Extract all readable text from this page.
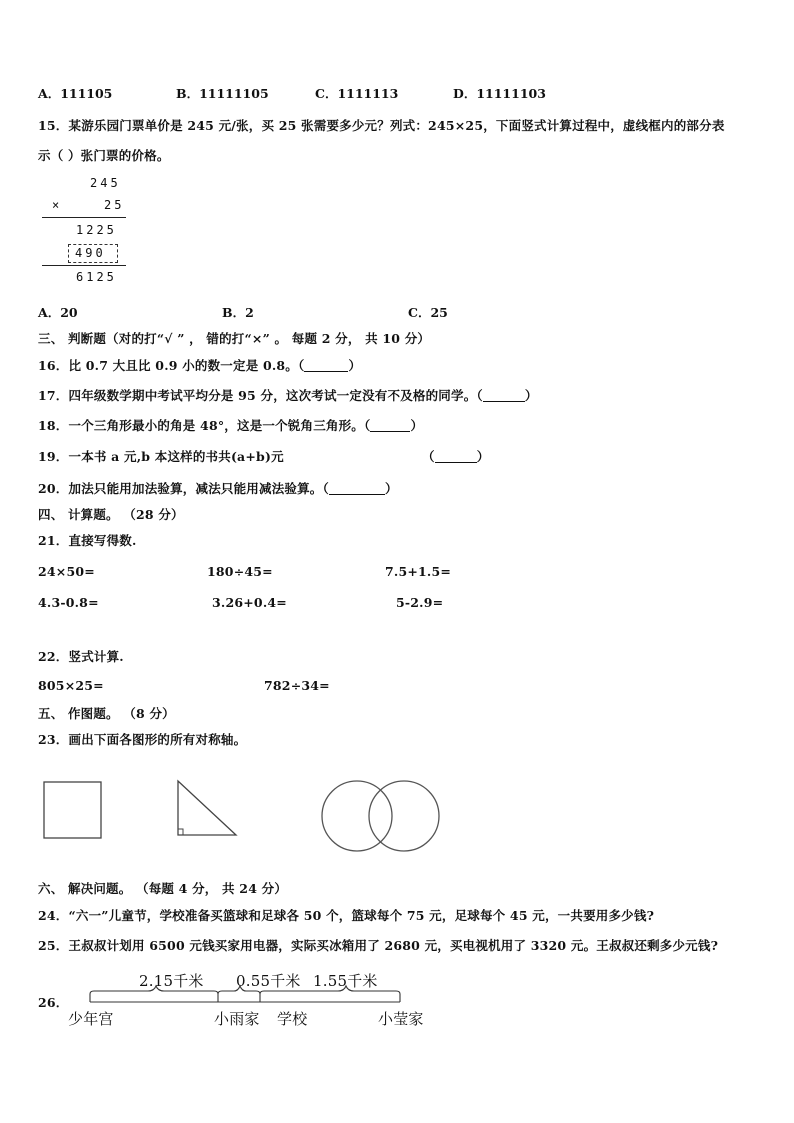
A．111105	B．11111105	C．1111113	D．11111103
15．某游乐园门票单价是 245 元/张，买 25 张需要多少元？列式：245×25，下面竖式计算过程中，虚线框内的部分表
示（ ）张门票的价格。
245
×	25
1225
490
6125
A．20	B．2	C．25
三、 判断题（对的打“√ ” ， 错的打“×” 。 每题 2 分， 共 10 分）
16．比 0.7 大且比 0.9 小的数一定是 0.8。（	）
17．四年级数学期中考试平均分是 95 分，这次考试一定没有不及格的同学。（	）
18．一个三角形最小的角是 48°，这是一个锐角三角形。（	）
19．一本书 a 元,b 本这样的书共(a+b)元	（	）
20．加法只能用加法验算，减法只能用减法验算。（	）
四、 计算题。 （28 分）
21．直接写得数.
24×50=	180÷45=	7.5+1.5=
4.3-0.8=	3.26+0.4=	5-2.9=
22．竖式计算.
805×25=	782÷34=
五、 作图题。 （8 分）
23．画出下面各图形的所有对称轴。
六、 解决问题。 （每题 4 分， 共 24 分）
24．“六一”儿童节，学校准备买篮球和足球各 50 个，篮球每个 75 元，足球每个 45 元，一共要用多少钱?
25．王叔叔计划用 6500 元钱买家用电器，实际买冰箱用了 2680 元，买电视机用了 3320 元。王叔叔还剩多少元钱?
26．
2.15千米 0.55千米 1.55千米
少年宫	小雨家 学校	小莹家
